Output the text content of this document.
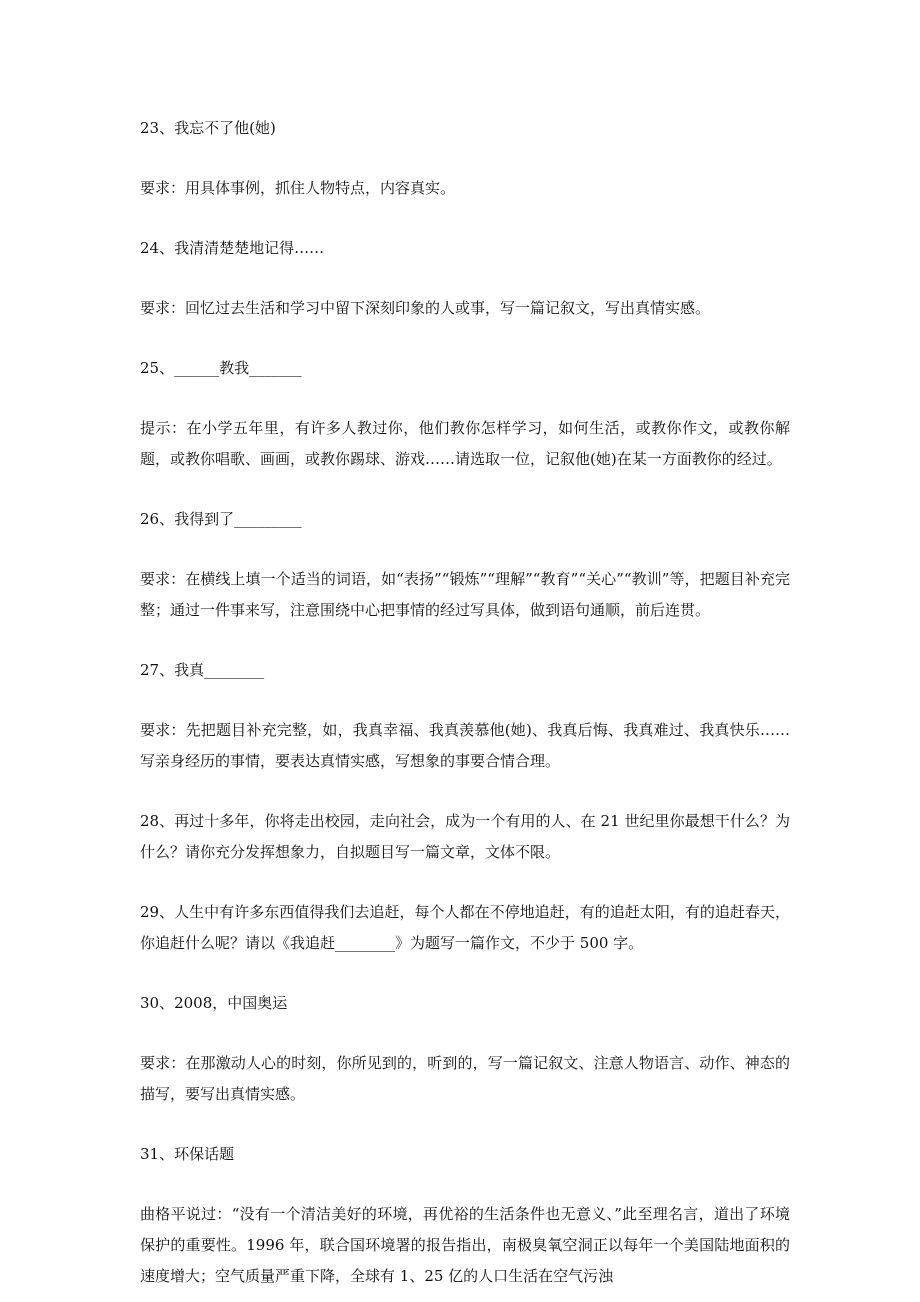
23、我忘不了他(她)

要求：用具体事例，抓住人物特点，内容真实。

24、我清清楚楚地记得……

要求：回忆过去生活和学习中留下深刻印象的人或事，写一篇记叙文，写出真情实感。

25、______教我_______

提示：在小学五年里，有许多人教过你，他们教你怎样学习，如何生活，或教你作文，或教你解题，或教你唱歌、画画，或教你踢球、游戏……请选取一位，记叙他(她)在某一方面教你的经过。

26、我得到了_________

要求：在横线上填一个适当的词语，如“表扬”“锻炼”“理解”“教育”“关心”“教训”等，把题目补充完整；通过一件事来写，注意围绕中心把事情的经过写具体，做到语句通顺，前后连贯。

27、我真________

要求：先把题目补充完整，如，我真幸福、我真羡慕他(她)、我真后悔、我真难过、我真快乐……写亲身经历的事情，要表达真情实感，写想象的事要合情合理。

28、再过十多年，你将走出校园，走向社会，成为一个有用的人、在 21 世纪里你最想干什么？为什么？请你充分发挥想象力，自拟题目写一篇文章，文体不限。

29、人生中有许多东西值得我们去追赶，每个人都在不停地追赶，有的追赶太阳，有的追赶春天，你追赶什么呢？请以《我追赶________》为题写一篇作文，不少于 500 字。

30、2008，中国奥运

要求：在那激动人心的时刻，你所见到的，听到的，写一篇记叙文、注意人物语言、动作、神态的描写，要写出真情实感。

31、环保话题

曲格平说过：“没有一个清洁美好的环境，再优裕的生活条件也无意义、”此至理名言，道出了环境保护的重要性。1996 年，联合国环境署的报告指出，南极臭氧空洞正以每年一个美国陆地面积的速度增大；空气质量严重下降，全球有 1、25 亿的人口生活在空气污浊
